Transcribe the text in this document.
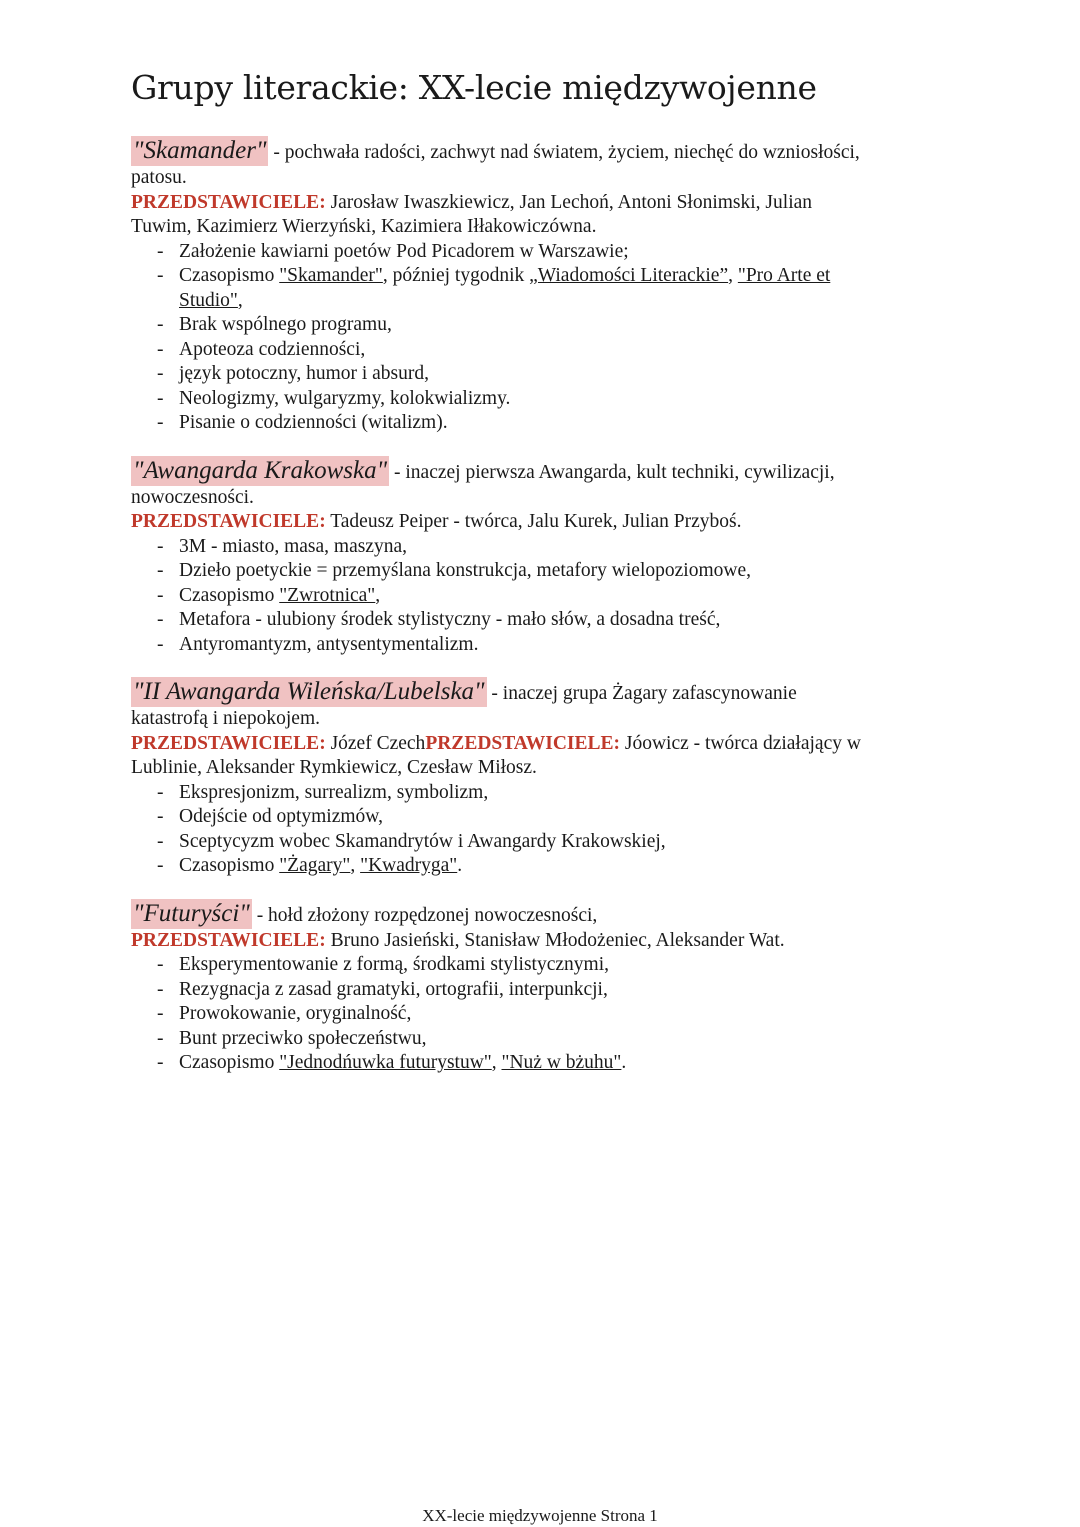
Grupy literackie: XX-lecie międzywojenne

"Skamander" - pochwała radości, zachwyt nad światem, życiem, niechęć do wzniosłości, patosu.

PRZEDSTAWICIELE: Jarosław Iwaszkiewicz, Jan Lechoń, Antoni Słonimski, Julian Tuwim, Kazimierz Wierzyński, Kazimiera Iłłakowiczówna.

- Założenie kawiarni poetów Pod Picadorem w Warszawie;
- Czasopismo "Skamander", później tygodnik „Wiadomości Literackie”, "Pro Arte et Studio",
- Brak wspólnego programu,
- Apoteoza codzienności,
- język potoczny, humor i absurd,
- Neologizmy, wulgaryzmy, kolokwializmy.
- Pisanie o codzienności (witalizm).

"Awangarda Krakowska" - inaczej pierwsza Awangarda, kult techniki, cywilizacji, nowoczesności.

PRZEDSTAWICIELE: Tadeusz Peiper - twórca, Jalu Kurek, Julian Przyboś.

- 3M - miasto, masa, maszyna,
- Dzieło poetyckie = przemyślana konstrukcja, metafory wielopoziomowe,
- Czasopismo "Zwrotnica",
- Metafora - ulubiony środek stylistyczny - mało słów, a dosadna treść,
- Antyromantyzm, antysentymentalizm.

"II Awangarda Wileńska/Lubelska" - inaczej grupa Żagary zafascynowanie katastrofą i niepokojem.

PRZEDSTAWICIELE: Józef CzechPRZEDSTAWICIELE: Jóowicz - twórca działający w Lublinie, Aleksander Rymkiewicz, Czesław Miłosz.

- Ekspresjonizm, surrealizm, symbolizm,
- Odejście od optymizmów,
- Sceptycyzm wobec Skamandrytów i Awangardy Krakowskiej,
- Czasopismo "Żagary", "Kwadryga".

"Futuryści" - hołd złożony rozpędzonej nowoczesności,

PRZEDSTAWICIELE: Bruno Jasieński, Stanisław Młodożeniec, Aleksander Wat.

- Eksperymentowanie z formą, środkami stylistycznymi,
- Rezygnacja z zasad gramatyki, ortografii, interpunkcji,
- Prowokowanie, oryginalność,
- Bunt przeciwko społeczeństwu,
- Czasopismo "Jednodńuwka futurystuw", "Nuż w bżuhu".
XX-lecie międzywojenne Strona 1
